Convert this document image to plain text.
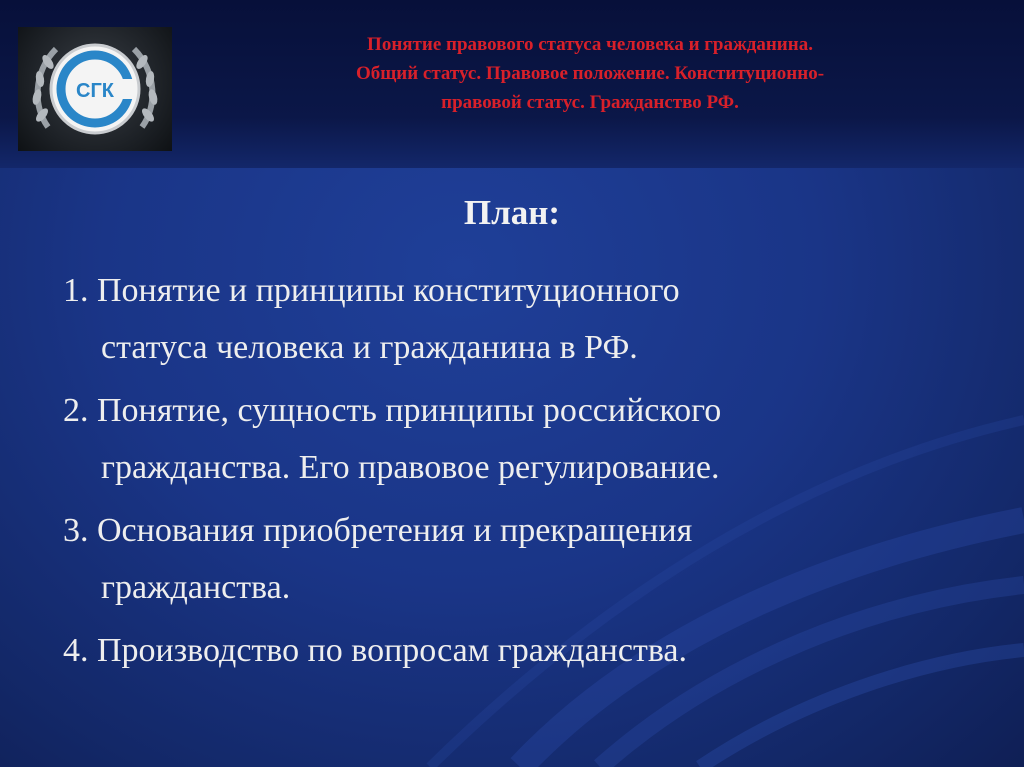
СГК
Понятие правового статуса человека и гражданина.
Общий статус. Правовое положение. Конституционно-
правовой статус. Гражданство РФ.
План:
1. Понятие и принципы конституционного
статуса человека и гражданина в РФ.
2. Понятие, сущность принципы российского
гражданства. Его правовое регулирование.
3. Основания приобретения и прекращения
гражданства.
4. Производство по вопросам гражданства.
